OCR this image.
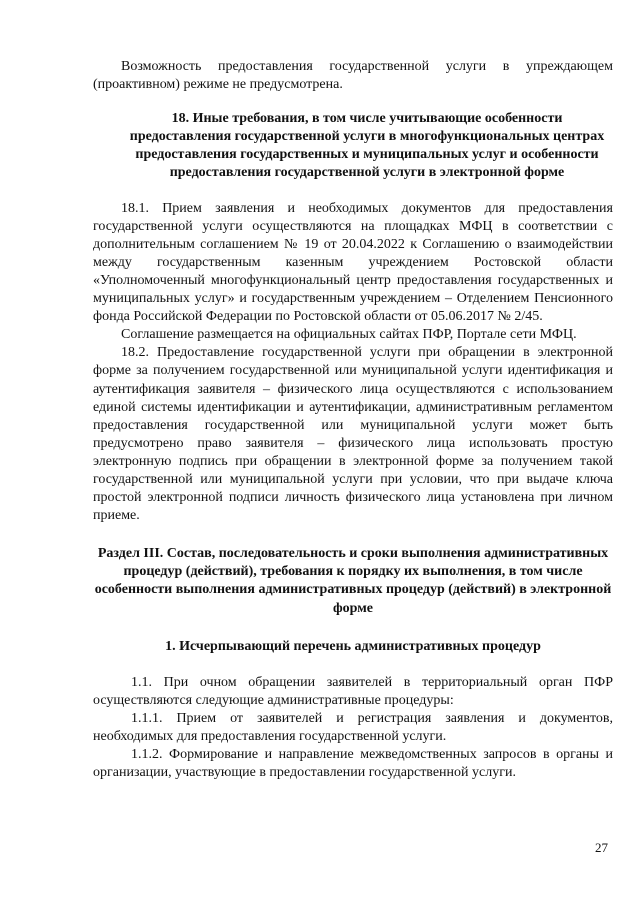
Возможность предоставления государственной услуги в упреждающем (проактивном) режиме не предусмотрена.

18. Иные требования, в том числе учитывающие особенности предоставления государственной услуги в многофункциональных центрах предоставления государственных и муниципальных услуг и особенности предоставления государственной услуги в электронной форме

18.1. Прием заявления и необходимых документов для предоставления государственной услуги осуществляются на площадках МФЦ в соответствии с дополнительным соглашением № 19 от 20.04.2022 к Соглашению о взаимодействии между государственным казенным учреждением Ростовской области «Уполномоченный многофункциональный центр предоставления государственных и муниципальных услуг» и государственным учреждением – Отделением Пенсионного фонда Российской Федерации по Ростовской области от 05.06.2017 № 2/45.

Соглашение размещается на официальных сайтах ПФР, Портале сети МФЦ.

18.2. Предоставление государственной услуги при обращении в электронной форме за получением государственной или муниципальной услуги идентификация и аутентификация заявителя – физического лица осуществляются с использованием единой системы идентификации и аутентификации, административным регламентом предоставления государственной или муниципальной услуги может быть предусмотрено право заявителя – физического лица использовать простую электронную подпись при обращении в электронной форме за получением такой государственной или муниципальной услуги при условии, что при выдаче ключа простой электронной подписи личность физического лица установлена при личном приеме.

Раздел III. Состав, последовательность и сроки выполнения административных процедур (действий), требования к порядку их выполнения, в том числе особенности выполнения административных процедур (действий) в электронной форме
1. Исчерпывающий перечень административных процедур

1.1. При очном обращении заявителей в территориальный орган ПФР осуществляются следующие административные процедуры:

1.1.1. Прием от заявителей и регистрация заявления и документов, необходимых для предоставления государственной услуги.

1.1.2. Формирование и направление межведомственных запросов в органы и организации, участвующие в предоставлении государственной услуги.

27
